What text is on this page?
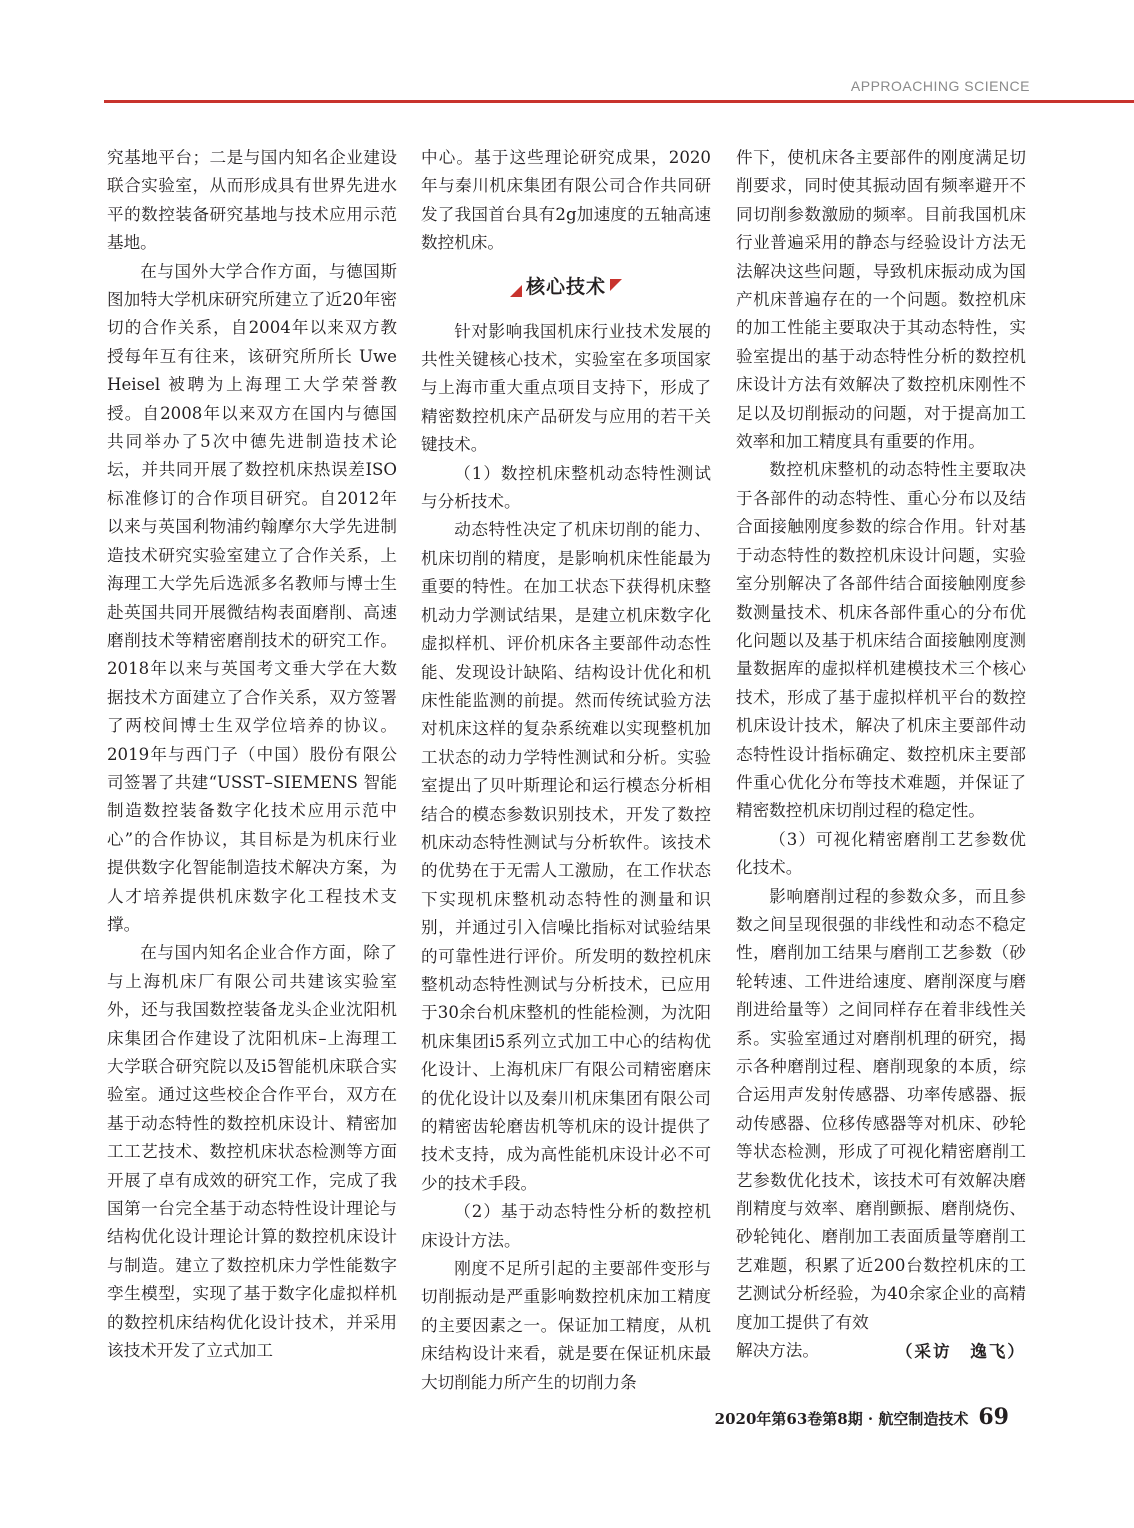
APPROACHING SCIENCE

究基地平台；二是与国内知名企业建设联合实验室，从而形成具有世界先进水平的数控装备研究基地与技术应用示范基地。

在与国外大学合作方面，与德国斯图加特大学机床研究所建立了近20年密切的合作关系，自2004年以来双方教授每年互有往来，该研究所所长 Uwe Heisel 被聘为上海理工大学荣誉教授。自2008年以来双方在国内与德国共同举办了5次中德先进制造技术论坛，并共同开展了数控机床热误差ISO标准修订的合作项目研究。自2012年以来与英国利物浦约翰摩尔大学先进制造技术研究实验室建立了合作关系，上海理工大学先后选派多名教师与博士生赴英国共同开展微结构表面磨削、高速磨削技术等精密磨削技术的研究工作。2018年以来与英国考文垂大学在大数据技术方面建立了合作关系，双方签署了两校间博士生双学位培养的协议。2019年与西门子（中国）股份有限公司签署了共建“USST–SIEMENS 智能制造数控装备数字化技术应用示范中心”的合作协议，其目标是为机床行业提供数字化智能制造技术解决方案，为人才培养提供机床数字化工程技术支撑。

在与国内知名企业合作方面，除了与上海机床厂有限公司共建该实验室外，还与我国数控装备龙头企业沈阳机床集团合作建设了沈阳机床–上海理工大学联合研究院以及i5智能机床联合实验室。通过这些校企合作平台，双方在基于动态特性的数控机床设计、精密加工工艺技术、数控机床状态检测等方面开展了卓有成效的研究工作，完成了我国第一台完全基于动态特性设计理论与结构优化设计理论计算的数控机床设计与制造。建立了数控机床力学性能数字孪生模型，实现了基于数字化虚拟样机的数控机床结构优化设计技术，并采用该技术开发了立式加工

中心。基于这些理论研究成果，2020年与秦川机床集团有限公司合作共同研发了我国首台具有2g加速度的五轴高速数控机床。

核心技术

针对影响我国机床行业技术发展的共性关键核心技术，实验室在多项国家与上海市重大重点项目支持下，形成了精密数控机床产品研发与应用的若干关键技术。

（1）数控机床整机动态特性测试与分析技术。

动态特性决定了机床切削的能力、机床切削的精度，是影响机床性能最为重要的特性。在加工状态下获得机床整机动力学测试结果，是建立机床数字化虚拟样机、评价机床各主要部件动态性能、发现设计缺陷、结构设计优化和机床性能监测的前提。然而传统试验方法对机床这样的复杂系统难以实现整机加工状态的动力学特性测试和分析。实验室提出了贝叶斯理论和运行模态分析相结合的模态参数识别技术，开发了数控机床动态特性测试与分析软件。该技术的优势在于无需人工激励，在工作状态下实现机床整机动态特性的测量和识别，并通过引入信噪比指标对试验结果的可靠性进行评价。所发明的数控机床整机动态特性测试与分析技术，已应用于30余台机床整机的性能检测，为沈阳机床集团i5系列立式加工中心的结构优化设计、上海机床厂有限公司精密磨床的优化设计以及秦川机床集团有限公司的精密齿轮磨齿机等机床的设计提供了技术支持，成为高性能机床设计必不可少的技术手段。

（2）基于动态特性分析的数控机床设计方法。

刚度不足所引起的主要部件变形与切削振动是严重影响数控机床加工精度的主要因素之一。保证加工精度，从机床结构设计来看，就是要在保证机床最大切削能力所产生的切削力条

件下，使机床各主要部件的刚度满足切削要求，同时使其振动固有频率避开不同切削参数激励的频率。目前我国机床行业普遍采用的静态与经验设计方法无法解决这些问题，导致机床振动成为国产机床普遍存在的一个问题。数控机床的加工性能主要取决于其动态特性，实验室提出的基于动态特性分析的数控机床设计方法有效解决了数控机床刚性不足以及切削振动的问题，对于提高加工效率和加工精度具有重要的作用。

数控机床整机的动态特性主要取决于各部件的动态特性、重心分布以及结合面接触刚度参数的综合作用。针对基于动态特性的数控机床设计问题，实验室分别解决了各部件结合面接触刚度参数测量技术、机床各部件重心的分布优化问题以及基于机床结合面接触刚度测量数据库的虚拟样机建模技术三个核心技术，形成了基于虚拟样机平台的数控机床设计技术，解决了机床主要部件动态特性设计指标确定、数控机床主要部件重心优化分布等技术难题，并保证了精密数控机床切削过程的稳定性。

（3）可视化精密磨削工艺参数优化技术。

影响磨削过程的参数众多，而且参数之间呈现很强的非线性和动态不稳定性，磨削加工结果与磨削工艺参数（砂轮转速、工件进给速度、磨削深度与磨削进给量等）之间同样存在着非线性关系。实验室通过对磨削机理的研究，揭示各种磨削过程、磨削现象的本质，综合运用声发射传感器、功率传感器、振动传感器、位移传感器等对机床、砂轮等状态检测，形成了可视化精密磨削工艺参数优化技术，该技术可有效解决磨削精度与效率、磨削颤振、磨削烧伤、砂轮钝化、磨削加工表面质量等磨削工艺难题，积累了近200台数控机床的工艺测试分析经验，为40余家企业的高精度加工提供了有效

解决方法。	（采访　逸飞）
2020年第63卷第8期 · 航空制造技术 69
